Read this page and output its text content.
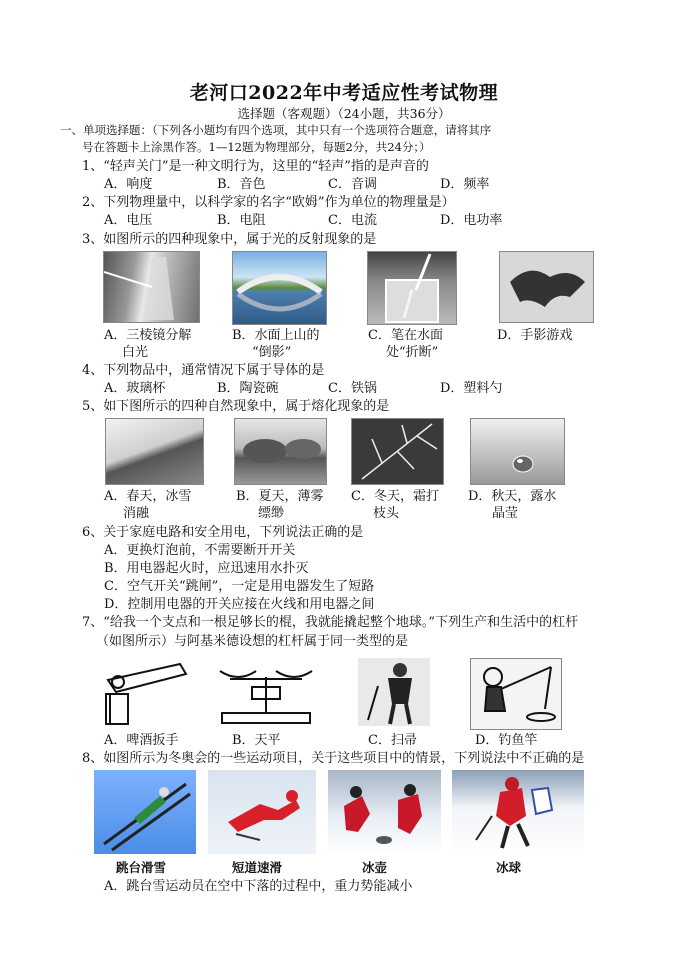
老河口2022年中考适应性考试物理
选择题（客观题）（24小题，共36分）
一、单项选择题：（下列各小题均有四个选项，其中只有一个选项符合题意，请将其序
号在答题卡上涂黑作答。1—12题为物理部分，每题2分，共24分；）
1、“轻声关门”是一种文明行为，这里的“轻声”指的是声音的
A．响度	B．音色	C．音调	D．频率
2、下列物理量中，以科学家的名字“欧姆”作为单位的物理量是）
A．电压	B．电阻	C．电流	D．电功率
3、如图所示的四种现象中，属于光的反射现象的是
A．三棱镜分解
白光
B．水面上山的
“倒影”
C．笔在水面
处“折断”
D．手影游戏
4、下列物品中，通常情况下属于导体的是
A．玻璃杯	B．陶瓷碗	C．铁锅	D．塑料勺
5、如下图所示的四种自然现象中，属于熔化现象的是
A．春天，冰雪
消融
B．夏天，薄雾
缥缈
C．冬天，霜打
枝头
D．秋天，露水
晶莹
6、关于家庭电路和安全用电，下列说法正确的是
A．更换灯泡前，不需要断开开关
B．用电器起火时，应迅速用水扑灭
C．空气开关“跳闸”，一定是用电器发生了短路
D．控制用电器的开关应接在火线和用电器之间
7、“给我一个支点和一根足够长的棍，我就能撬起整个地球。”下列生产和生活中的杠杆
（如图所示）与阿基米德设想的杠杆属于同一类型的是
A．啤酒扳手	B．天平	C．扫帚	D．钓鱼竿
8、如图所示为冬奥会的一些运动项目，关于这些项目中的情景，下列说法中不正确的是
跳台滑雪	短道速滑	冰壶	冰球
A．跳台雪运动员在空中下落的过程中，重力势能减小
